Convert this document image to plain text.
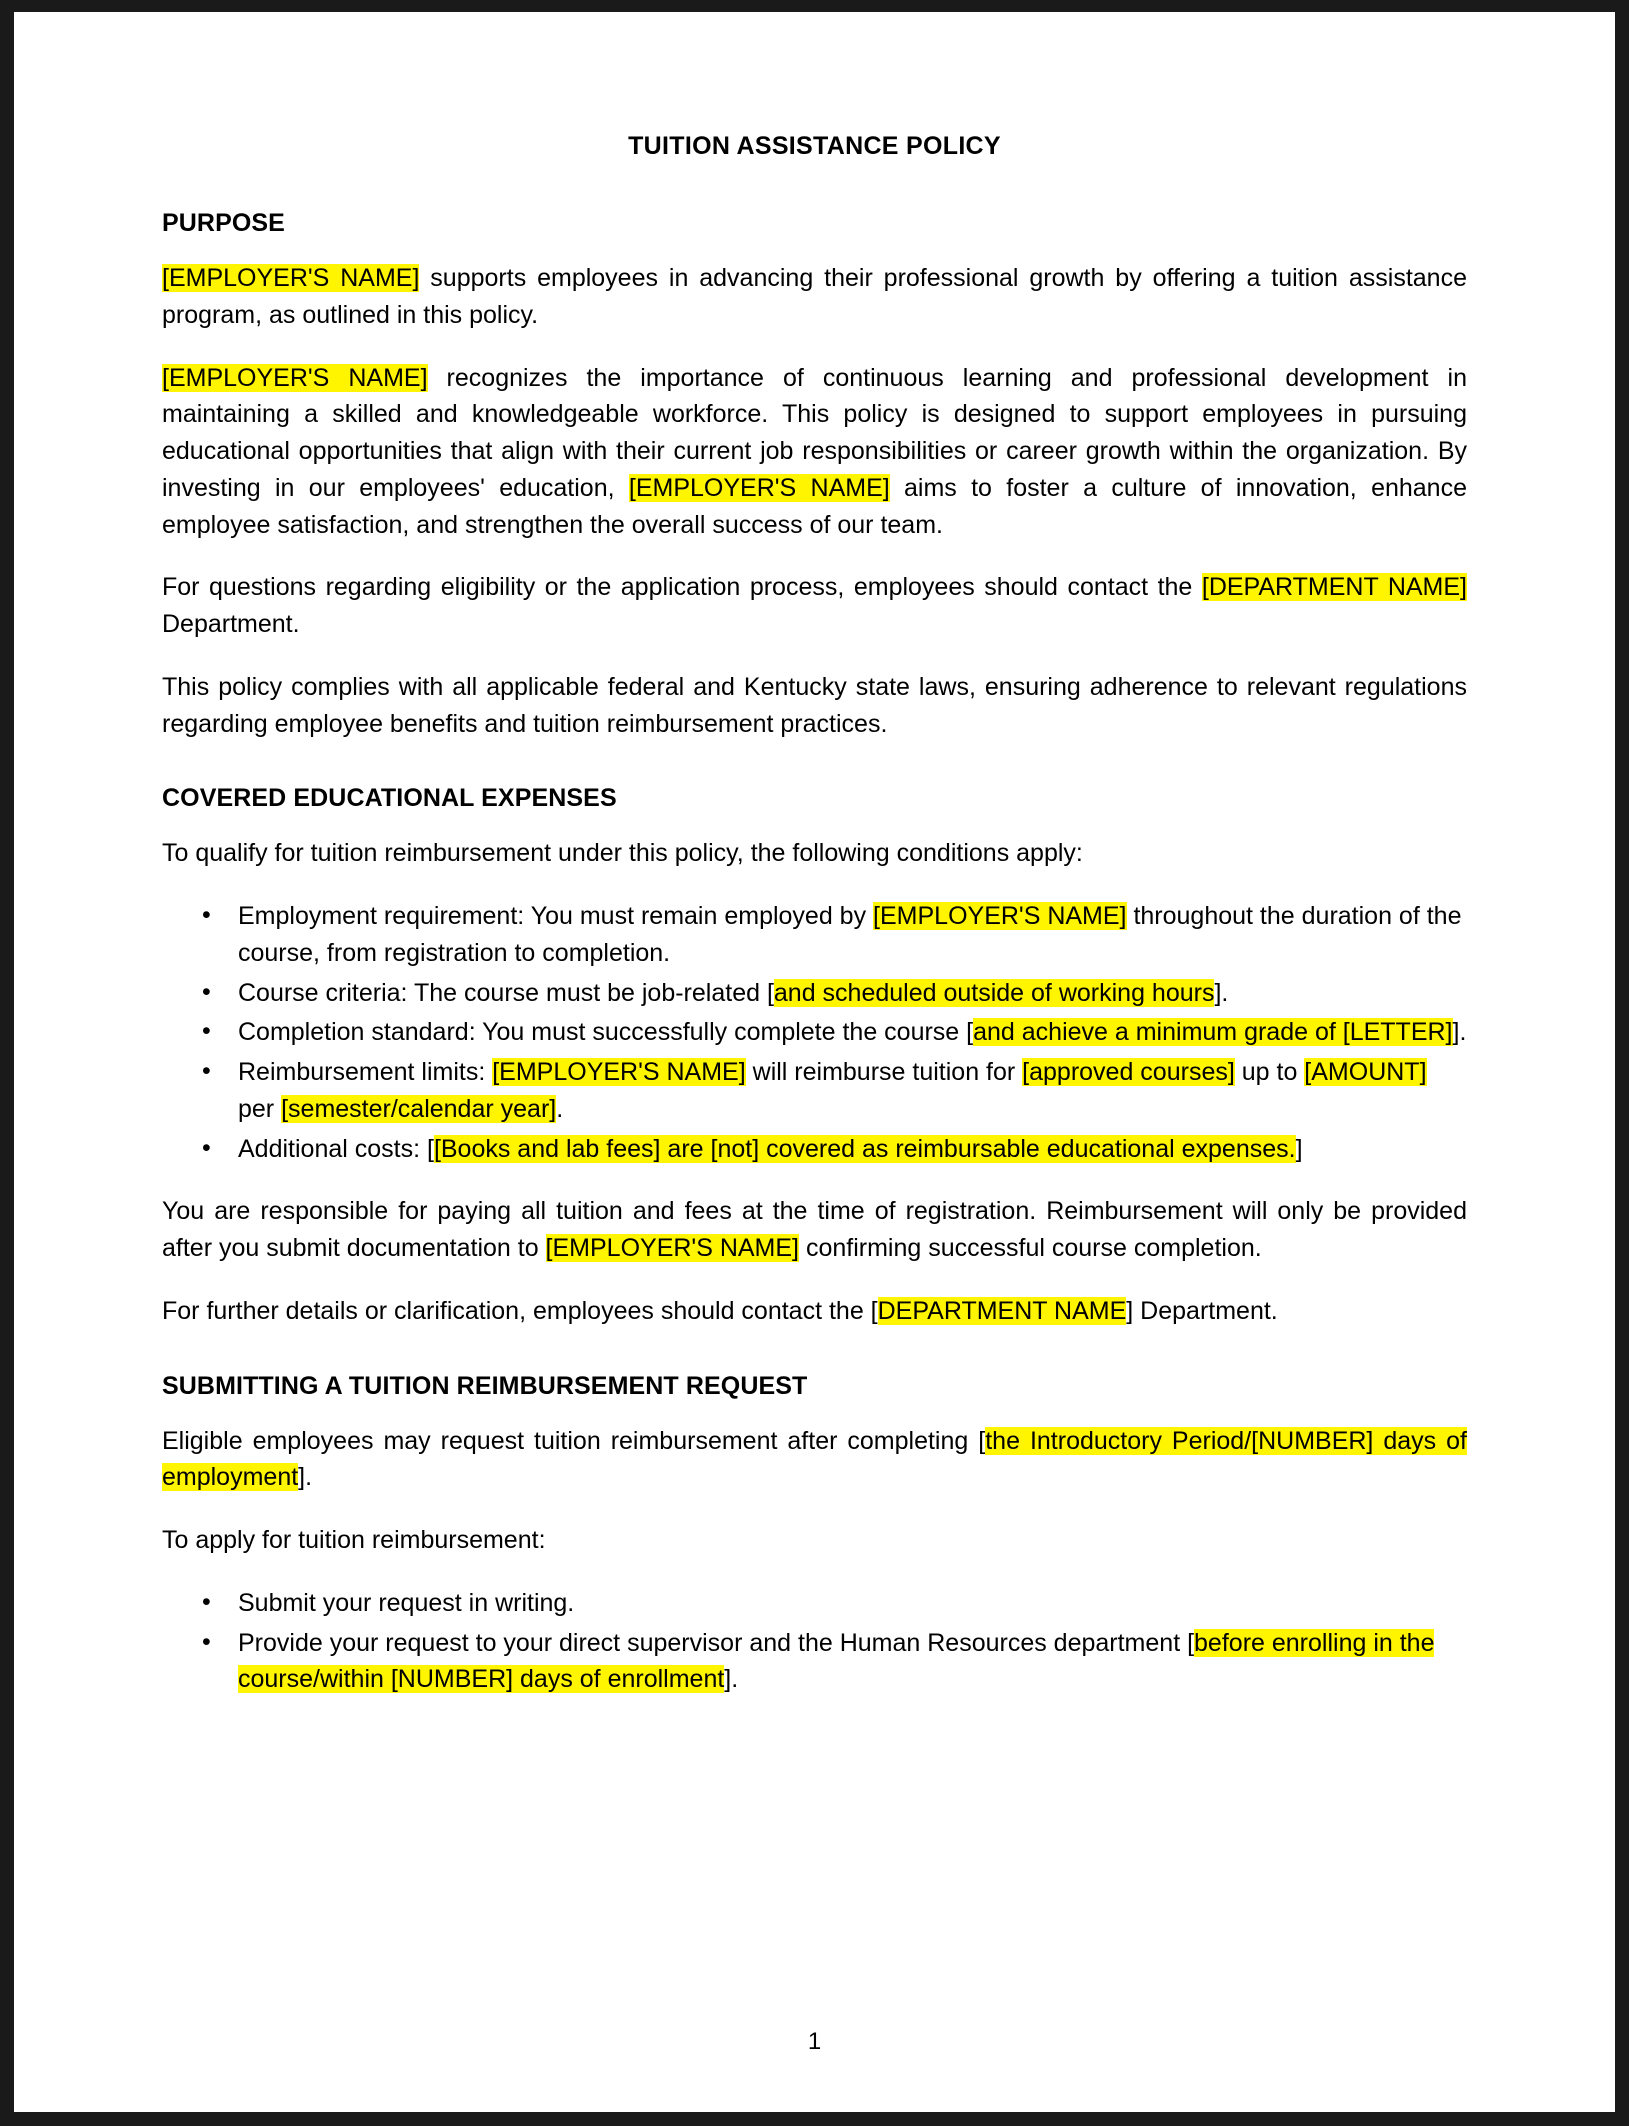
TUITION ASSISTANCE POLICY
PURPOSE

[EMPLOYER'S NAME] supports employees in advancing their professional growth by offering a tuition assistance program, as outlined in this policy.

[EMPLOYER'S NAME] recognizes the importance of continuous learning and professional development in maintaining a skilled and knowledgeable workforce. This policy is designed to support employees in pursuing educational opportunities that align with their current job responsibilities or career growth within the organization. By investing in our employees' education, [EMPLOYER'S NAME] aims to foster a culture of innovation, enhance employee satisfaction, and strengthen the overall success of our team.

For questions regarding eligibility or the application process, employees should contact the [DEPARTMENT NAME] Department.

This policy complies with all applicable federal and Kentucky state laws, ensuring adherence to relevant regulations regarding employee benefits and tuition reimbursement practices.

COVERED EDUCATIONAL EXPENSES

To qualify for tuition reimbursement under this policy, the following conditions apply:

• Employment requirement: You must remain employed by [EMPLOYER'S NAME] throughout the duration of the course, from registration to completion.
• Course criteria: The course must be job-related [and scheduled outside of working hours].
• Completion standard: You must successfully complete the course [and achieve a minimum grade of [LETTER]].
• Reimbursement limits: [EMPLOYER'S NAME] will reimburse tuition for [approved courses] up to [AMOUNT] per [semester/calendar year].
• Additional costs: [[Books and lab fees] are [not] covered as reimbursable educational expenses.]

You are responsible for paying all tuition and fees at the time of registration. Reimbursement will only be provided after you submit documentation to [EMPLOYER'S NAME] confirming successful course completion.

For further details or clarification, employees should contact the [DEPARTMENT NAME] Department.

SUBMITTING A TUITION REIMBURSEMENT REQUEST

Eligible employees may request tuition reimbursement after completing [the Introductory Period/[NUMBER] days of employment].

To apply for tuition reimbursement:

• Submit your request in writing.
• Provide your request to your direct supervisor and the Human Resources department [before enrolling in the course/within [NUMBER] days of enrollment].
1
